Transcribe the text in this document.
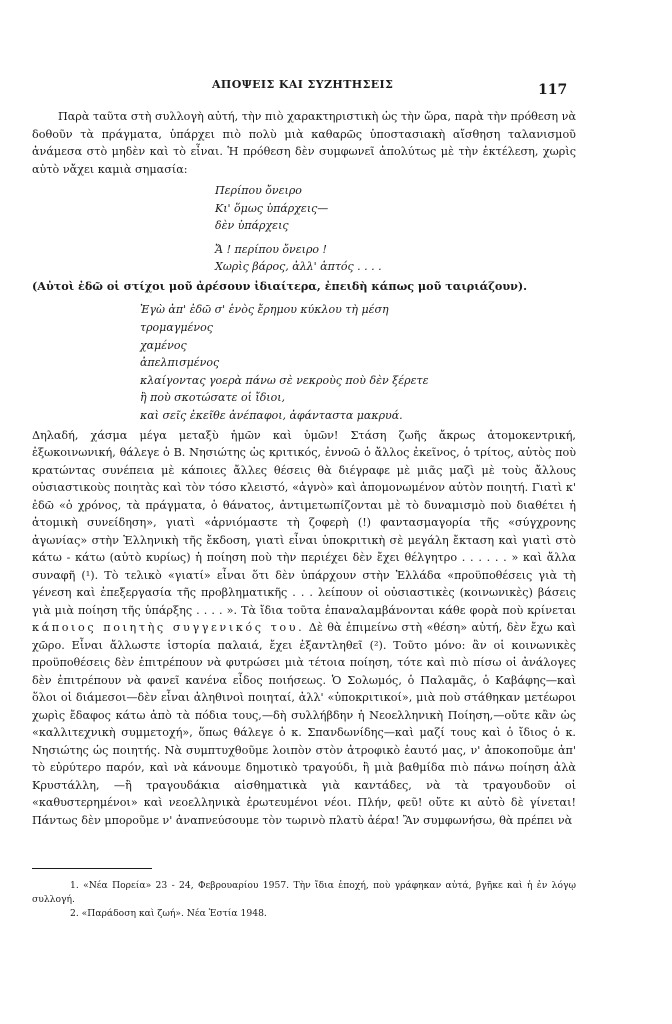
ΑΠΟΨΕΙΣ ΚΑΙ ΣΥΖΗΤΗΣΕΙΣ	117

Παρὰ ταῦτα στὴ συλλογὴ αὐτή, τὴν πιὸ χαρακτηριστικὴ ὡς τὴν ὥρα, παρὰ τὴν πρόθεση νὰ δοθοῦν τὰ πράγματα, ὑπάρχει πιὸ πολὺ μιὰ καθαρῶς ὑποστασιακὴ αἴσθηση ταλανισμοῦ ἀνάμεσα στὸ μηδὲν καὶ τὸ εἶναι. Ἡ πρόθεση δὲν συμφωνεῖ ἀπολύτως μὲ τὴν ἐκτέλεση, χωρὶς αὐτὸ νἄχει καμιὰ σημασία:

Περίπου ὄνειρο
Κι' ὅμως ὑπάρχεις—
δὲν ὑπάρχεις
Ἄ ! περίπου ὄνειρο !
Χωρὶς βάρος, ἀλλ' ἁπτός . . . .

(Αὐτοὶ ἐδῶ οἱ στίχοι μοῦ ἀρέσουν ἰδιαίτερα, ἐπειδὴ κάπως μοῦ ταιριάζουν).

Ἐγὼ ἀπ' ἐδῶ σ' ἑνὸς ἔρημου κύκλου τὴ μέση
τρομαγμένος
χαμένος
ἀπελπισμένος
κλαίγοντας γοερὰ πάνω σὲ νεκροὺς ποὺ δὲν ξέρετε
ἢ ποὺ σκοτώσατε οἱ ἴδιοι,
καὶ σεῖς ἐκεῖθε ἀνέπαφοι, ἀφάνταστα μακρυά.

Δηλαδή, χάσμα μέγα μεταξὺ ἡμῶν καὶ ὑμῶν! Στάση ζωῆς ἄκρως ἀτομοκεντρική, ἐξωκοινωνική, θάλεγε ὁ Β. Νησιώτης ὡς κριτικός, ἐννοῶ ὁ ἄλλος ἐκεῖνος, ὁ τρίτος, αὐτὸς ποὺ κρατώντας συνέπεια μὲ κάποιες ἄλλες θέσεις θὰ διέγραφε μὲ μιᾶς μαζὶ μὲ τοὺς ἄλλους οὐσιαστικοὺς ποιητὰς καὶ τὸν τόσο κλειστό, «ἁγνὸ» καὶ ἀπομονωμένον αὐτὸν ποιητή. Γιατὶ κ' ἐδῶ «ὁ χρόνος, τὰ πράγματα, ὁ θάνατος, ἀντιμετωπίζονται μὲ τὸ δυναμισμὸ ποὺ διαθέτει ἡ ἀτομικὴ συνείδηση», γιατὶ «ἀρνιόμαστε τὴ ζοφερὴ (!) φαντασμαγορία τῆς «σύγχρονης ἀγωνίας» στὴν Ἑλληνικὴ τῆς ἔκδοση, γιατὶ εἶναι ὑποκριτικὴ σὲ μεγάλη ἔκταση καὶ γιατὶ στὸ κάτω - κάτω (αὐτὸ κυρίως) ἡ ποίηση ποὺ τὴν περιέχει δὲν ἔχει θέλγητρο . . . . . . » καὶ ἄλλα συναφῆ (¹). Τὸ τελικὸ «γιατί» εἶναι ὅτι δὲν ὑπάρχουν στὴν Ἑλλάδα «προϋποθέσεις γιὰ τὴ γένεση καὶ ἐπεξεργασία τῆς προβληματικῆς . . . λείπουν οἱ οὐσιαστικὲς (κοινωνικὲς) βάσεις γιὰ μιὰ ποίηση τῆς ὑπάρξης . . . . ». Τὰ ἴδια τοῦτα ἐπαναλαμβάνονται κάθε φορὰ ποὺ κρίνεται κάποιος ποιητὴς συγγενικός του. Δὲ θὰ ἐπιμείνω στὴ «θέση» αὐτή, δὲν ἔχω καὶ χῶρο. Εἶναι ἄλλωστε ἱστορία παλαιά, ἔχει ἐξαντληθεῖ (²). Τοῦτο μόνο: ἂν οἱ κοινωνικὲς προϋποθέσεις δὲν ἐπιτρέπουν νὰ φυτρώσει μιὰ τέτοια ποίηση, τότε καὶ πιὸ πίσω οἱ ἀνάλογες δὲν ἐπιτρέπουν νὰ φανεῖ κανένα εἶδος ποιήσεως. Ὁ Σολωμός, ὁ Παλαμᾶς, ὁ Καβάφης—καὶ ὅλοι οἱ διάμεσοι—δὲν εἶναι ἀληθινοὶ ποιηταί, ἀλλ' «ὑποκριτικοί», μιὰ ποὺ στάθηκαν μετέωροι χωρὶς ἔδαφος κάτω ἀπὸ τὰ πόδια τους,—δὴ συλλήβδην ἡ Νεοελληνικὴ Ποίηση,—οὔτε κἂν ὡς «καλλιτεχνικὴ συμμετοχή», ὅπως θάλεγε ὁ κ. Σπανδωνίδης—καὶ μαζί τους καὶ ὁ ἴδιος ὁ κ. Νησιώτης ὡς ποιητής. Νὰ συμπτυχθοῦμε λοιπὸν στὸν ἀτροφικὸ ἑαυτό μας, ν' ἀποκοποῦμε ἀπ' τὸ εὐρύτερο παρόν, καὶ νὰ κάνουμε δημοτικὸ τραγούδι, ἢ μιὰ βαθμίδα πιὸ πάνω ποίηση ἀλὰ Κρυστάλλη, —ἢ τραγουδάκια αἰσθηματικὰ γιὰ καντάδες, νὰ τὰ τραγουδοῦν οἱ «καθυστερημένοι» καὶ νεοελληνικὰ ἐρωτευμένοι νέοι. Πλήν, φεῦ! οὔτε κι αὐτὸ δὲ γίνεται! Πάντως δὲν μποροῦμε ν' ἀναπνεύσουμε τὸν τωρινὸ πλατὺ ἀέρα! Ἂν συμφωνήσω, θὰ πρέπει νὰ

1. «Νέα Πορεία» 23 - 24, Φεβρουαρίου 1957. Τὴν ἴδια ἐποχή, ποὺ γράφηκαν αὐτά, βγῆκε καὶ ἡ ἐν λόγῳ συλλογή.

2. «Παράδοση καὶ ζωή». Νέα Ἑστία 1948.
